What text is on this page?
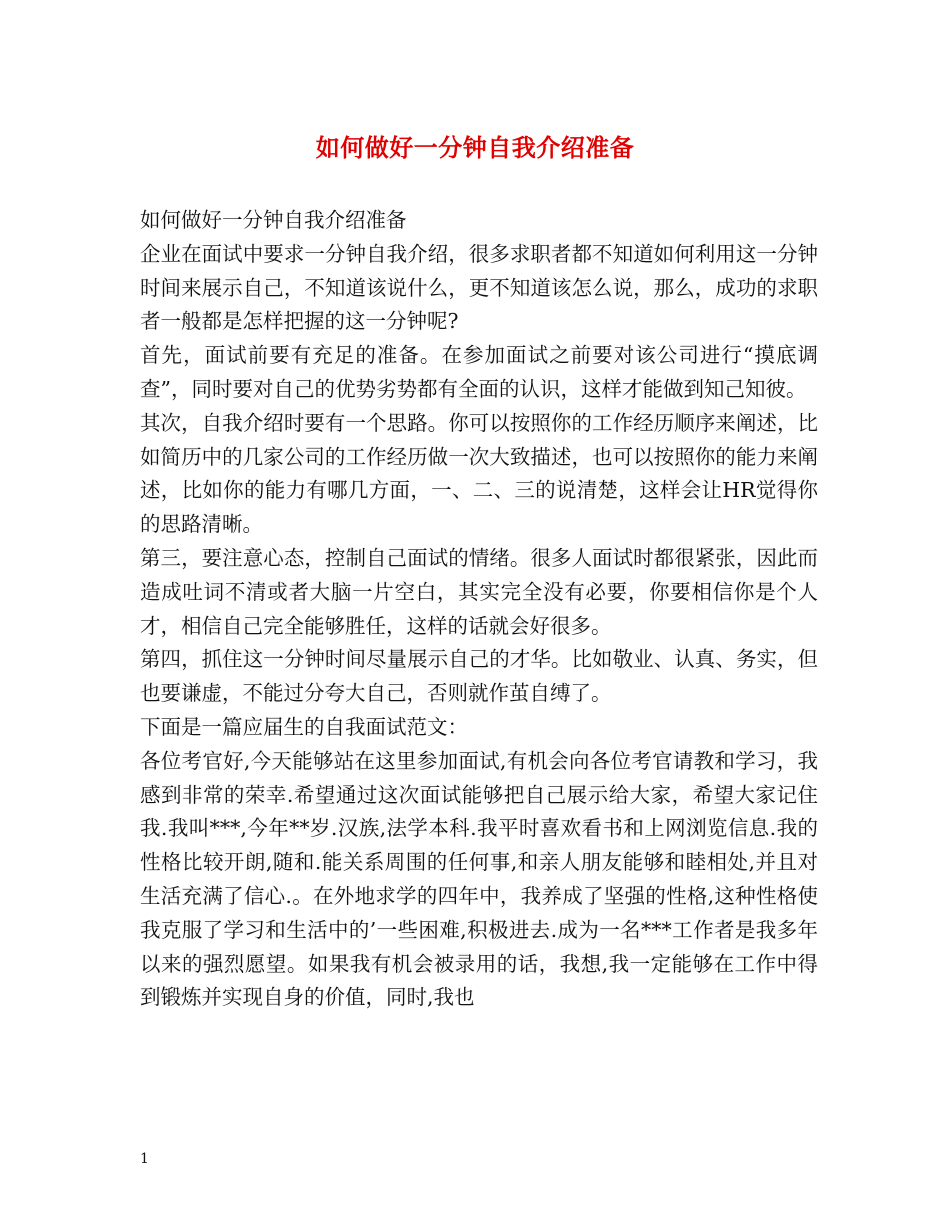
如何做好一分钟自我介绍准备

如何做好一分钟自我介绍准备

企业在面试中要求一分钟自我介绍，很多求职者都不知道如何利用这一分钟时间来展示自己，不知道该说什么，更不知道该怎么说，那么，成功的求职者一般都是怎样把握的这一分钟呢?

首先，面试前要有充足的准备。在参加面试之前要对该公司进行“摸底调查”，同时要对自己的优势劣势都有全面的认识，这样才能做到知己知彼。

其次，自我介绍时要有一个思路。你可以按照你的工作经历顺序来阐述，比如简历中的几家公司的工作经历做一次大致描述，也可以按照你的能力来阐述，比如你的能力有哪几方面，一、二、三的说清楚，这样会让HR觉得你的思路清晰。

第三，要注意心态，控制自己面试的情绪。很多人面试时都很紧张，因此而造成吐词不清或者大脑一片空白，其实完全没有必要，你要相信你是个人才，相信自己完全能够胜任，这样的话就会好很多。

第四，抓住这一分钟时间尽量展示自己的才华。比如敬业、认真、务实，但也要谦虚，不能过分夸大自己，否则就作茧自缚了。

下面是一篇应届生的自我面试范文：

各位考官好,今天能够站在这里参加面试,有机会向各位考官请教和学习，我感到非常的荣幸.希望通过这次面试能够把自己展示给大家，希望大家记住我.我叫***,今年**岁.汉族,法学本科.我平时喜欢看书和上网浏览信息.我的性格比较开朗,随和.能关系周围的任何事,和亲人朋友能够和睦相处,并且对生活充满了信心.。在外地求学的四年中，我养成了坚强的性格,这种性格使我克服了学习和生活中的’一些困难,积极进去.成为一名***工作者是我多年以来的强烈愿望。如果我有机会被录用的话，我想,我一定能够在工作中得到锻炼并实现自身的价值，同时,我也

1
